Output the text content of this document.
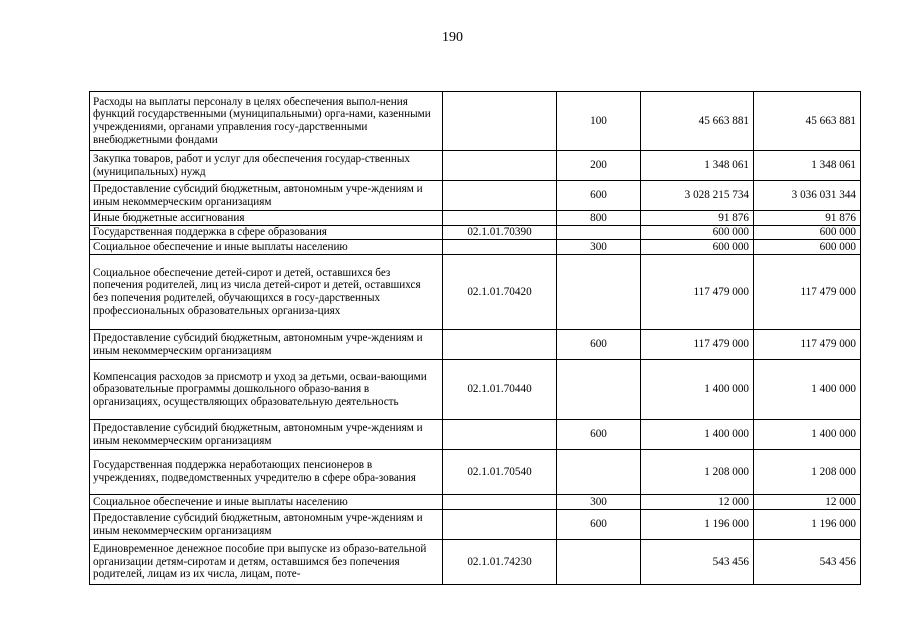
190
Расходы на выплаты персоналу в целях обеспечения выпол-нения функций государственными (муниципальными) орга-нами, казенными учреждениями, органами управления госу-дарственными внебюджетными фондами		100	45 663 881	45 663 881
Закупка товаров, работ и услуг для обеспечения государ-ственных (муниципальных) нужд		200	1 348 061	1 348 061
Предоставление субсидий бюджетным, автономным учре-ждениям и иным некоммерческим организациям		600	3 028 215 734	3 036 031 344
Иные бюджетные ассигнования		800	91 876	91 876
Государственная поддержка в сфере образования	02.1.01.70390		600 000	600 000
Социальное обеспечение и иные выплаты населению		300	600 000	600 000
Социальное обеспечение детей-сирот и детей, оставшихся без попечения родителей, лиц из числа детей-сирот и детей, оставшихся без попечения родителей, обучающихся в госу-дарственных профессиональных образовательных организа-циях	02.1.01.70420		117 479 000	117 479 000
Предоставление субсидий бюджетным, автономным учре-ждениям и иным некоммерческим организациям		600	117 479 000	117 479 000
Компенсация расходов за присмотр и уход за детьми, осваи-вающими образовательные программы дошкольного образо-вания в организациях, осуществляющих образовательную деятельность	02.1.01.70440		1 400 000	1 400 000
Предоставление субсидий бюджетным, автономным учре-ждениям и иным некоммерческим организациям		600	1 400 000	1 400 000
Государственная поддержка неработающих пенсионеров в учреждениях, подведомственных учредителю в сфере обра-зования	02.1.01.70540		1 208 000	1 208 000
Социальное обеспечение и иные выплаты населению		300	12 000	12 000
Предоставление субсидий бюджетным, автономным учре-ждениям и иным некоммерческим организациям		600	1 196 000	1 196 000
Единовременное денежное пособие при выпуске из образо-вательной организации детям-сиротам и детям, оставшимся без попечения родителей, лицам из их числа, лицам, поте-	02.1.01.74230		543 456	543 456
